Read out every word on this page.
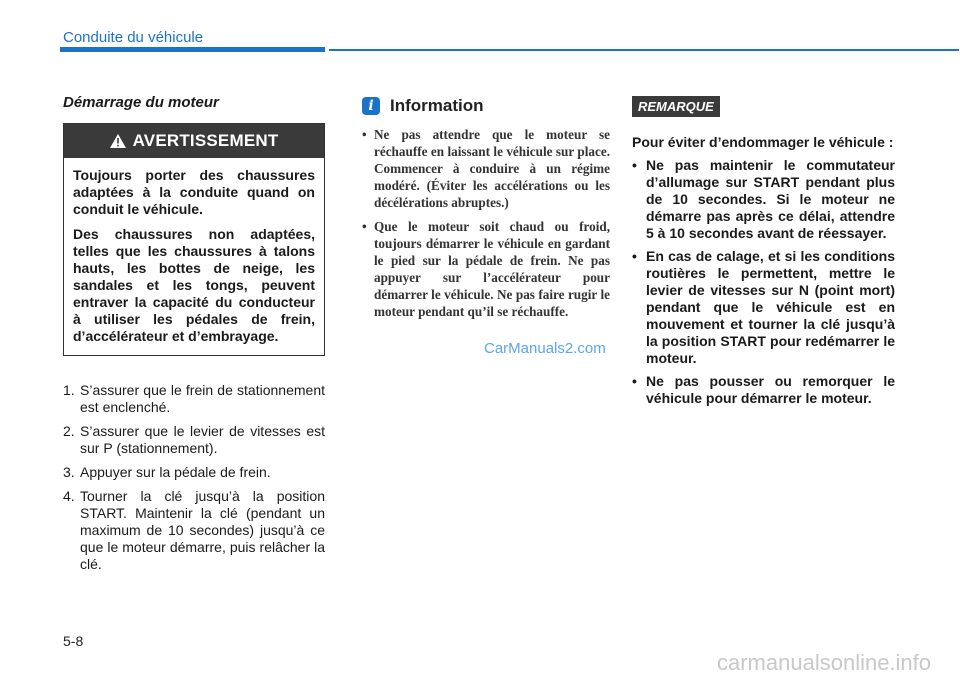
Conduite du véhicule
Démarrage du moteur
AVERTISSEMENT

Toujours porter des chaussures adaptées à la conduite quand on conduit le véhicule.

Des chaussures non adaptées, telles que les chaussures à talons hauts, les bottes de neige, les sandales et les tongs, peuvent entraver la capacité du conducteur à utiliser les pédales de frein, d’accélérateur et d’embrayage.

1. S’assurer que le frein de stationnement est enclenché.
2. S’assurer que le levier de vitesses est sur P (stationnement).
3. Appuyer sur la pédale de frein.
4. Tourner la clé jusqu’à la position START. Maintenir la clé (pendant un maximum de 10 secondes) jusqu’à ce que le moteur démarre, puis relâcher la clé.
i Information
• Ne pas attendre que le moteur se réchauffe en laissant le véhicule sur place. Commencer à conduire à un régime modéré. (Éviter les accélérations ou les décélérations abruptes.)
• Que le moteur soit chaud ou froid, toujours démarrer le véhicule en gardant le pied sur la pédale de frein. Ne pas appuyer sur l’accélérateur pour démarrer le véhicule. Ne pas faire rugir le moteur pendant qu’il se réchauffe.
CarManuals2.com
REMARQUE

Pour éviter d’endommager le véhicule :

• Ne pas maintenir le commutateur d’allumage sur START pendant plus de 10 secondes. Si le moteur ne démarre pas après ce délai, attendre 5 à 10 secondes avant de réessayer.
• En cas de calage, et si les conditions routières le permettent, mettre le levier de vitesses sur N (point mort) pendant que le véhicule est en mouvement et tourner la clé jusqu’à la position START pour redémarrer le moteur.
• Ne pas pousser ou remorquer le véhicule pour démarrer le moteur.
5-8
carmanualsonline.info
